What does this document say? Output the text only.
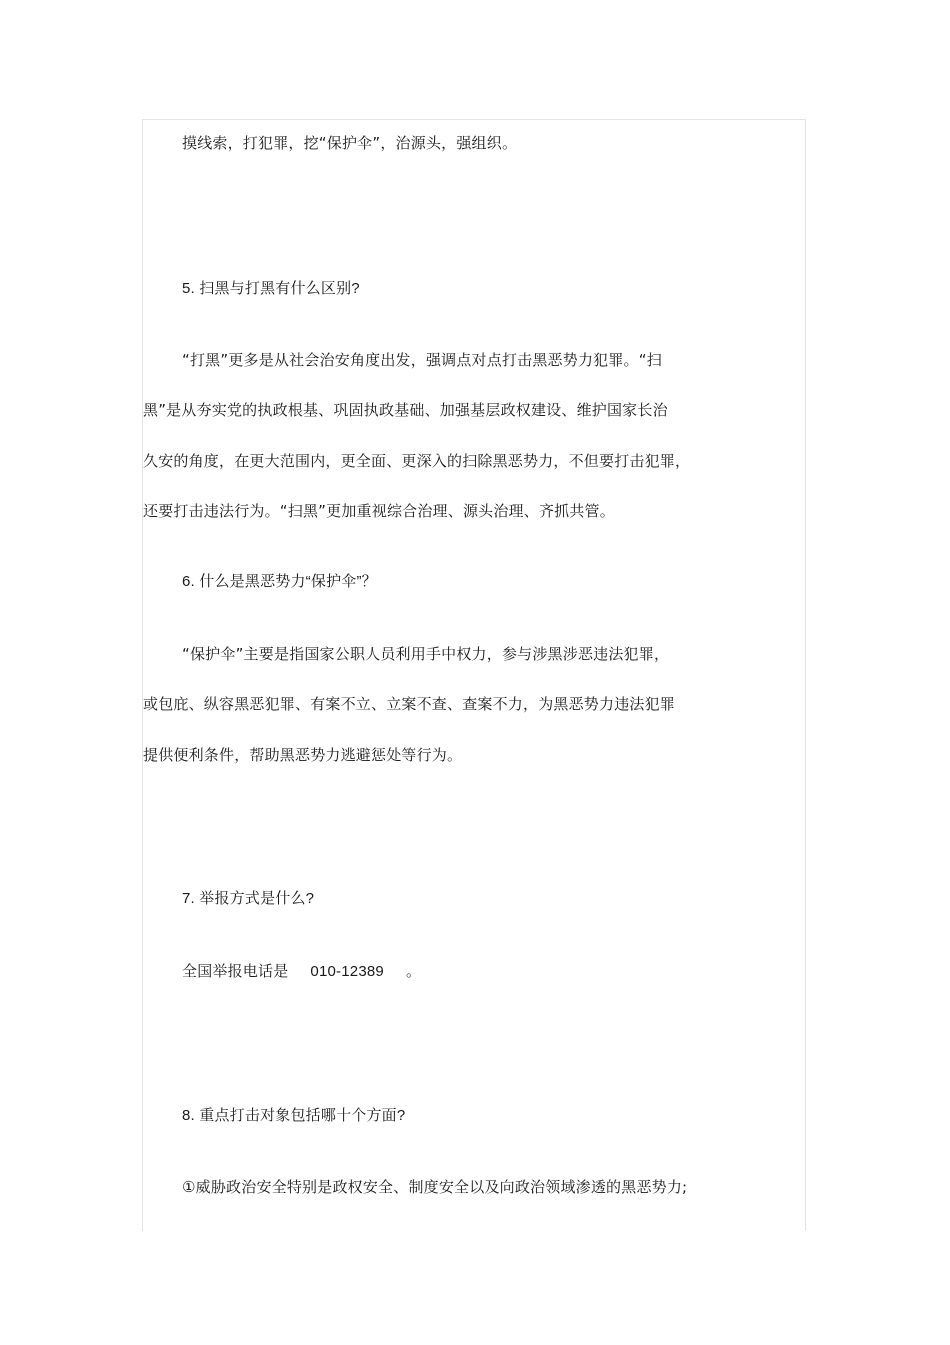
摸线索，打犯罪，挖“保护伞”，治源头，强组织。
5. 扫黑与打黑有什么区别?
“打黑”更多是从社会治安角度出发，强调点对点打击黑恶势力犯罪。“扫
黑”是从夯实党的执政根基、巩固执政基础、加强基层政权建设、维护国家长治
久安的角度，在更大范围内，更全面、更深入的扫除黑恶势力，不但要打击犯罪，
还要打击违法行为。“扫黑”更加重视综合治理、源头治理、齐抓共管。
6. 什么是黑恶势力“保护伞”？
“保护伞”主要是指国家公职人员利用手中权力，参与涉黑涉恶违法犯罪，
或包庇、纵容黑恶犯罪、有案不立、立案不查、查案不力，为黑恶势力违法犯罪
提供便利条件，帮助黑恶势力逃避惩处等行为。
7. 举报方式是什么?
全国举报电话是 010-12389 。
8. 重点打击对象包括哪十个方面?
①威胁政治安全特别是政权安全、制度安全以及向政治领域渗透的黑恶势力;
